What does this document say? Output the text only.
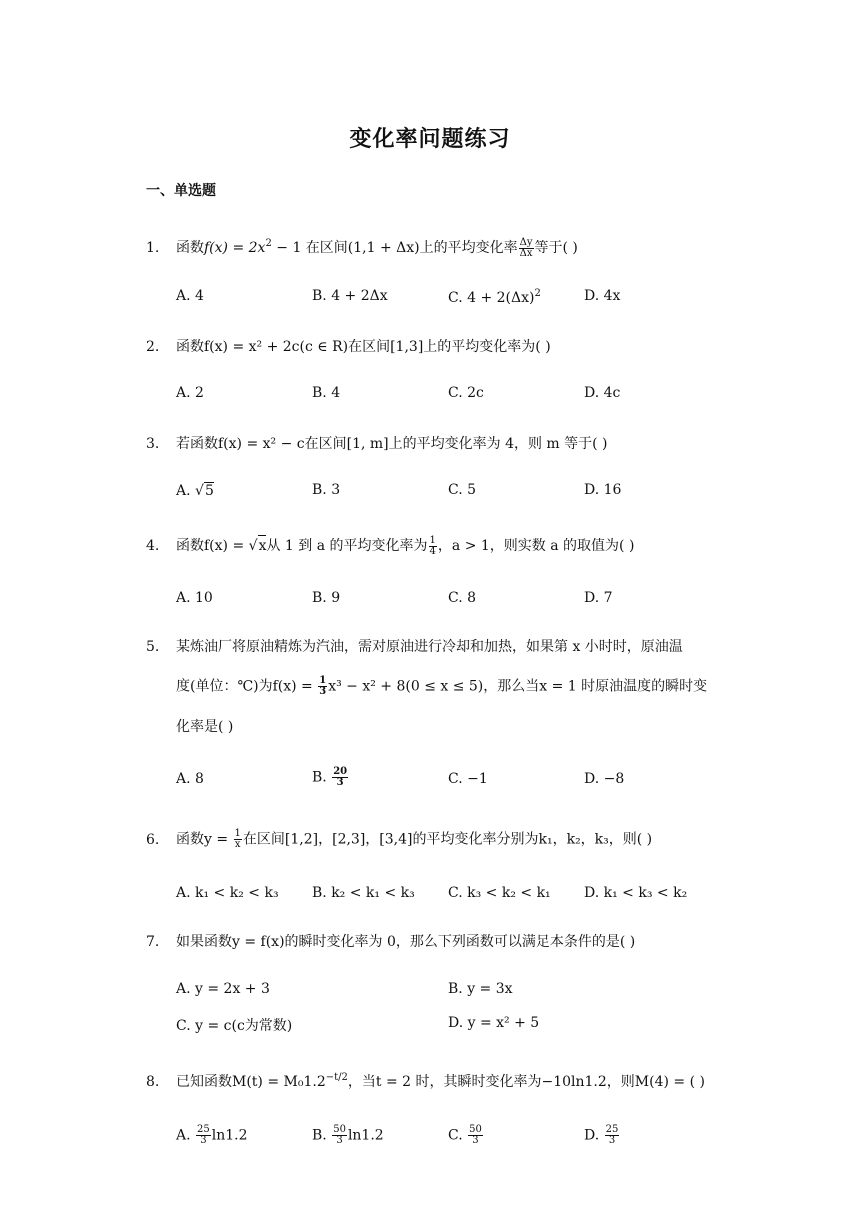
变化率问题练习
一、单选题
1. 函数$f(x) = 2x^2 - 1$ 在区间(1,1 + Δx)上的平均变化率 $\frac{\Delta y}{\Delta x}$ 等于( )
A. 4	B. 4 + 2Δx	C. $4 + 2(\Delta x)^2$	D. 4x
2. 函数f(x) = x² + 2c(c ∈ R)在区间[1,3]上的平均变化率为( )
A. 2	B. 4	C. 2c	D. 4c
3. 若函数f(x) = x² − c在区间[1, m]上的平均变化率为 4，则 m 等于( )
A. √5	B. 3	C. 5	D. 16
4. 函数f(x) = √x从 1 到 a 的平均变化率为 $\frac{1}{4}$ ，a > 1，则实数 a 的取值为( )
A. 10	B. 9	C. 8	D. 7
5. 某炼油厂将原油精炼为汽油，需对原油进行冷却和加热，如果第 x 小时时，原油温
度(单位：℃)为$f(x) = \frac{1}{3} x^3 - x^2 + 8(0 \le x \le 5)$，那么当x = 1 时原油温度的瞬时变
化率是( )
A. 8	B. $\frac{20}{3}$	C. −1	D. −8
6. 函数$y = \frac{1}{x}$ 在区间[1,2]，[2,3]，[3,4]的平均变化率分别为k₁，k₂，k₃，则( )
A. k₁ < k₂ < k₃ B. k₂ < k₁ < k₃ C. k₃ < k₂ < k₁ D. k₁ < k₃ < k₂
7. 如果函数y = f(x)的瞬时变化率为 0，那么下列函数可以满足本条件的是( )
A. y = 2x + 3	B. y = 3x
C. y = c(c为常数)	D. y = x² + 5
8. 已知函数$M(t) = M_01.2^{-t/2}$，当t = 2 时，其瞬时变化率为−10ln1.2，则M(4) = ( )
A. $\frac{25}{3} \ln 1.2$	B. $\frac{50}{3} \ln 1.2$	C. $\frac{50}{3}$	D. $\frac{25}{3}$
